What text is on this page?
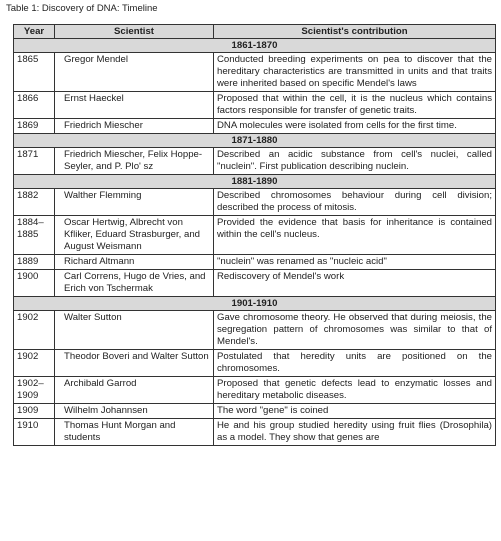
Table 1: Discovery of DNA: Timeline
Year	Scientist	Scientist's contribution
1861-1870		
1865	Gregor Mendel	Conducted breeding experiments on pea to discover that the hereditary characteristics are transmitted in units and that traits were inherited based on specific Mendel's laws
1866	Ernst Haeckel	Proposed that within the cell, it is the nucleus which contains factors responsible for transfer of genetic traits.
1869	Friedrich Miescher	DNA molecules were isolated from cells for the first time.
1871-1880		
1871	Friedrich Miescher, Felix Hoppe-Seyler, and P. Plo' sz	Described an acidic substance from cell's nuclei, called "nuclein". First publication describing nuclein.
1881-1890		
1882	Walther Flemming	Described chromosomes behaviour during cell division; described the process of mitosis.
1884–1885	Oscar Hertwig, Albrecht von Kfliker, Eduard Strasburger, and August Weismann	Provided the evidence that basis for inheritance is contained within the cell's nucleus.
1889	Richard Altmann	"nuclein" was renamed as "nucleic acid"
1900	Carl Correns, Hugo de Vries, and Erich von Tschermak	Rediscovery of Mendel's work
1901-1910		
1902	Walter Sutton	Gave chromosome theory. He observed that during meiosis, the segregation pattern of chromosomes was similar to that of Mendel's.
1902	Theodor Boveri and Walter Sutton	Postulated that heredity units are positioned on the chromosomes.
1902–1909	Archibald Garrod	Proposed that genetic defects lead to enzymatic losses and hereditary metabolic diseases.
1909	Wilhelm Johannsen	The word "gene" is coined
1910	Thomas Hunt Morgan and students	He and his group studied heredity using fruit flies (Drosophila) as a model. They show that genes are
